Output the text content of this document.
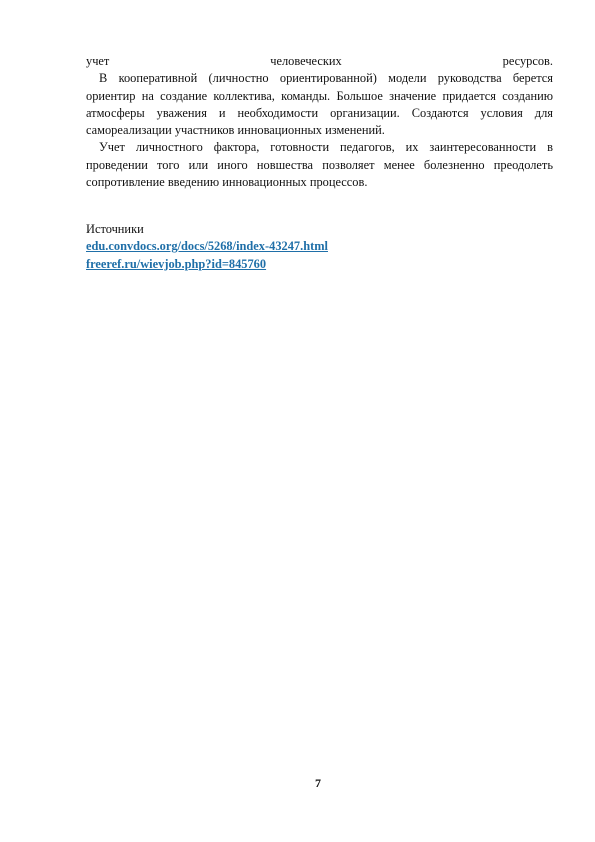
учет	человеческих	ресурсов.

В кооперативной (личностно ориентированной) модели руководства берется ориентир на создание коллектива, команды. Большое значение придается созданию атмосферы уважения и необходимости организации. Создаются условия для самореализации участников инновационных изменений.

Учет личностного фактора, готовности педагогов, их заинтересованности в проведении того или иного новшества позволяет менее болезненно преодолеть сопротивление введению инновационных процессов.

Источники
edu.convdocs.org/docs/5268/index-43247.html
freeref.ru/wievjob.php?id=845760
7
